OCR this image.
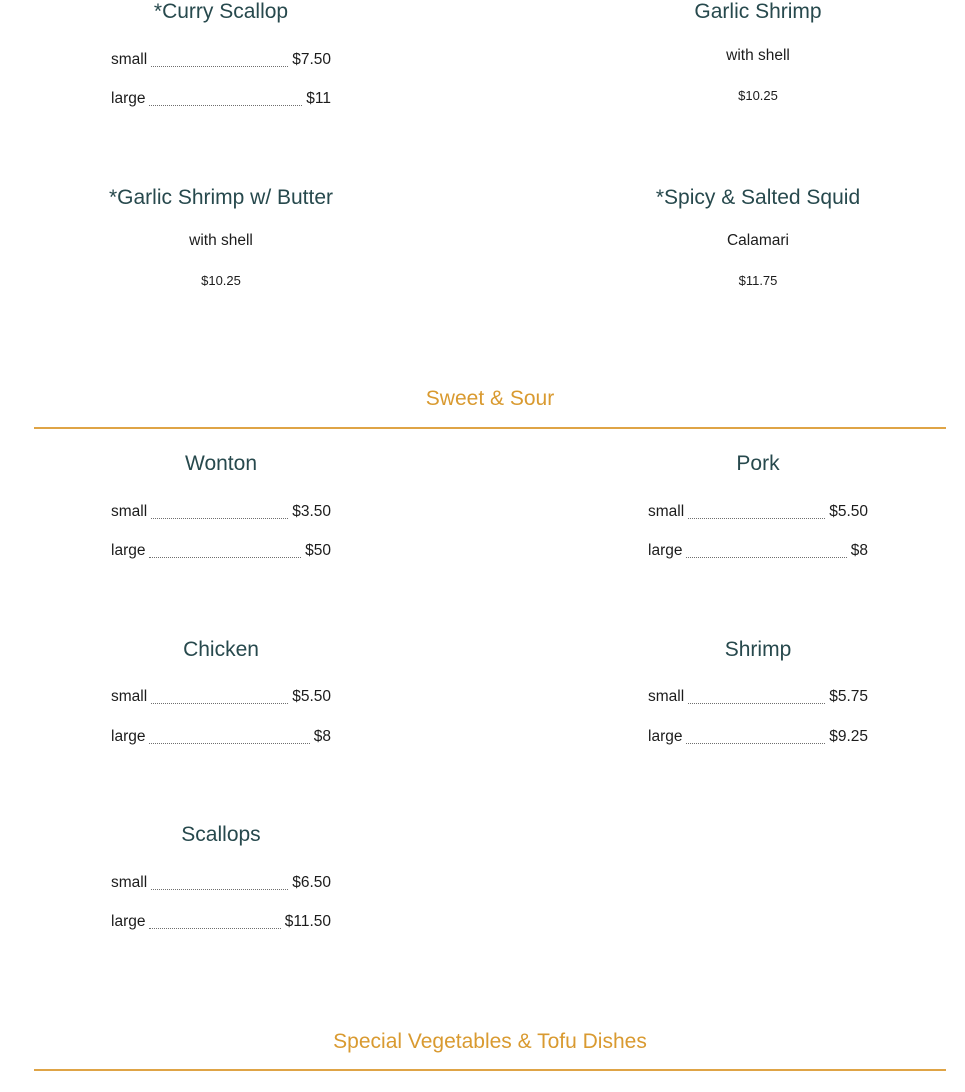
*Curry Scallop
small	$7.50
large	$11
Garlic Shrimp
with shell
$10.25
*Garlic Shrimp w/ Butter
with shell
$10.25
*Spicy & Salted Squid
Calamari
$11.75
Sweet & Sour
Wonton
small	$3.50
large	$50
Pork
small	$5.50
large	$8
Chicken
small	$5.50
large	$8
Shrimp
small	$5.75
large	$9.25
Scallops
small	$6.50
large	$11.50
Special Vegetables & Tofu Dishes
